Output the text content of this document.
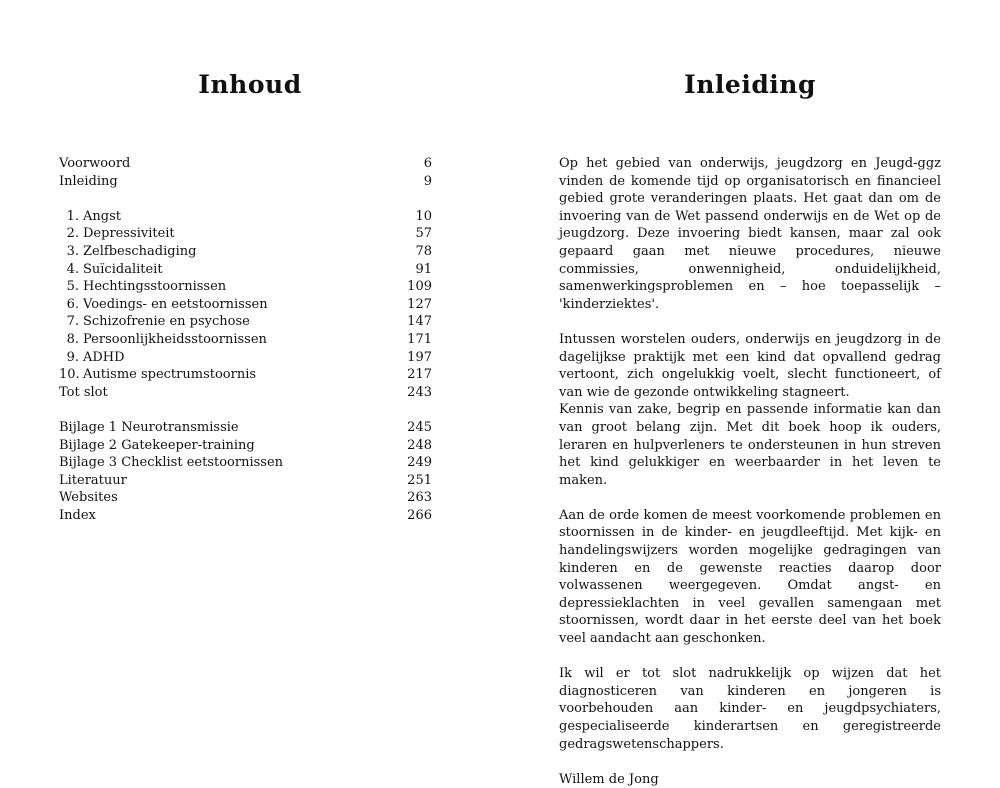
Inhoud
Voorwoord	6
Inleiding	9
1. Angst	10
2. Depressiviteit	57
3. Zelfbeschadiging	78
4. Suïcidaliteit	91
5. Hechtingsstoornissen	109
6. Voedings- en eetstoornissen	127
7. Schizofrenie en psychose	147
8. Persoonlijkheidsstoornissen	171
9. ADHD	197
10. Autisme spectrumstoornis	217
Tot slot	243
Bijlage 1 Neurotransmissie	245
Bijlage 2 Gatekeeper-training	248
Bijlage 3 Checklist eetstoornissen	249
Literatuur	251
Websites	263
Index	266
Inleiding

Op het gebied van onderwijs, jeugdzorg en Jeugd-ggz vinden de komende tijd op organisatorisch en financieel gebied grote veranderingen plaats. Het gaat dan om de invoering van de Wet passend onderwijs en de Wet op de jeugdzorg. Deze invoering biedt kansen, maar zal ook gepaard gaan met nieuwe procedures, nieuwe commissies, onwennigheid, onduidelijkheid, samenwerkingsproblemen en – hoe toepasselijk – 'kinderziektes'.

Intussen worstelen ouders, onderwijs en jeugdzorg in de dagelijkse praktijk met een kind dat opvallend gedrag vertoont, zich ongelukkig voelt, slecht functioneert, of van wie de gezonde ontwikkeling stagneert.

Kennis van zake, begrip en passende informatie kan dan van groot belang zijn. Met dit boek hoop ik ouders, leraren en hulpverleners te ondersteunen in hun streven het kind gelukkiger en weerbaarder in het leven te maken.

Aan de orde komen de meest voorkomende problemen en stoornissen in de kinder- en jeugdleeftijd. Met kijk- en handelingswijzers worden mogelijke gedragingen van kinderen en de gewenste reacties daarop door volwassenen weergegeven. Omdat angst- en depressieklachten in veel gevallen samengaan met stoornissen, wordt daar in het eerste deel van het boek veel aandacht aan geschonken.

Ik wil er tot slot nadrukkelijk op wijzen dat het diagnosticeren van kinderen en jongeren is voorbehouden aan kinder- en jeugdpsychiaters, gespecialiseerde kinderartsen en geregistreerde gedragswetenschappers.

Willem de Jong
